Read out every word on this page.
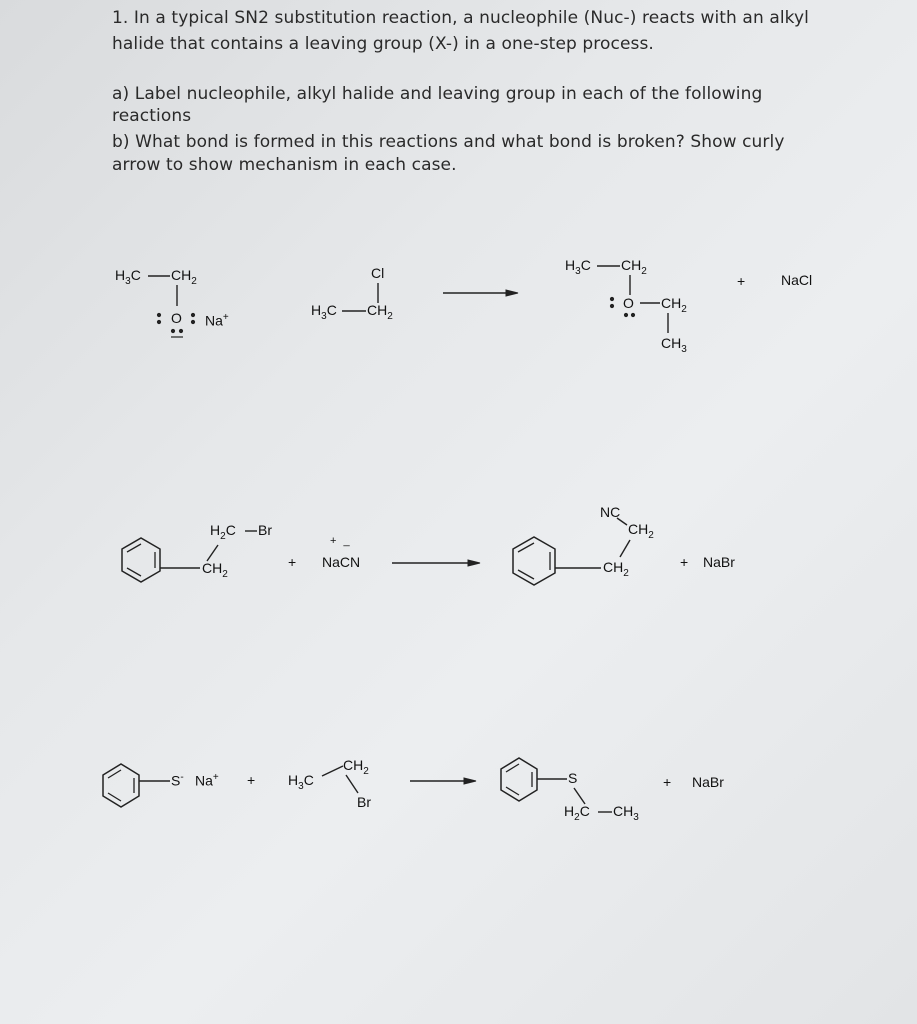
1. In a typical SN2 substitution reaction, a nucleophile (Nuc-) reacts with an alkyl
halide that contains a leaving group (X-) in a one-step process.
a) Label nucleophile, alkyl halide and leaving group in each of the following
reactions
b) What bond is formed in this reactions and what bond is broken? Show curly
arrow to show mechanism in each case.
$H_3C$ $CH_2$
O Na+
Cl
$H_3C$ $CH_2$
$H_3C$ $CH_2$
O $CH_2$
$CH_3$
+	NaCl
$H_2C$ Br
$CH_2$
+
+ _
NaCN
NC
$CH_2$
$CH_2$
+ NaBr
S- $Na^+ + H_3C$
$CH_2$
Br
S
$H_2C$ $CH_3$
+ NaBr
